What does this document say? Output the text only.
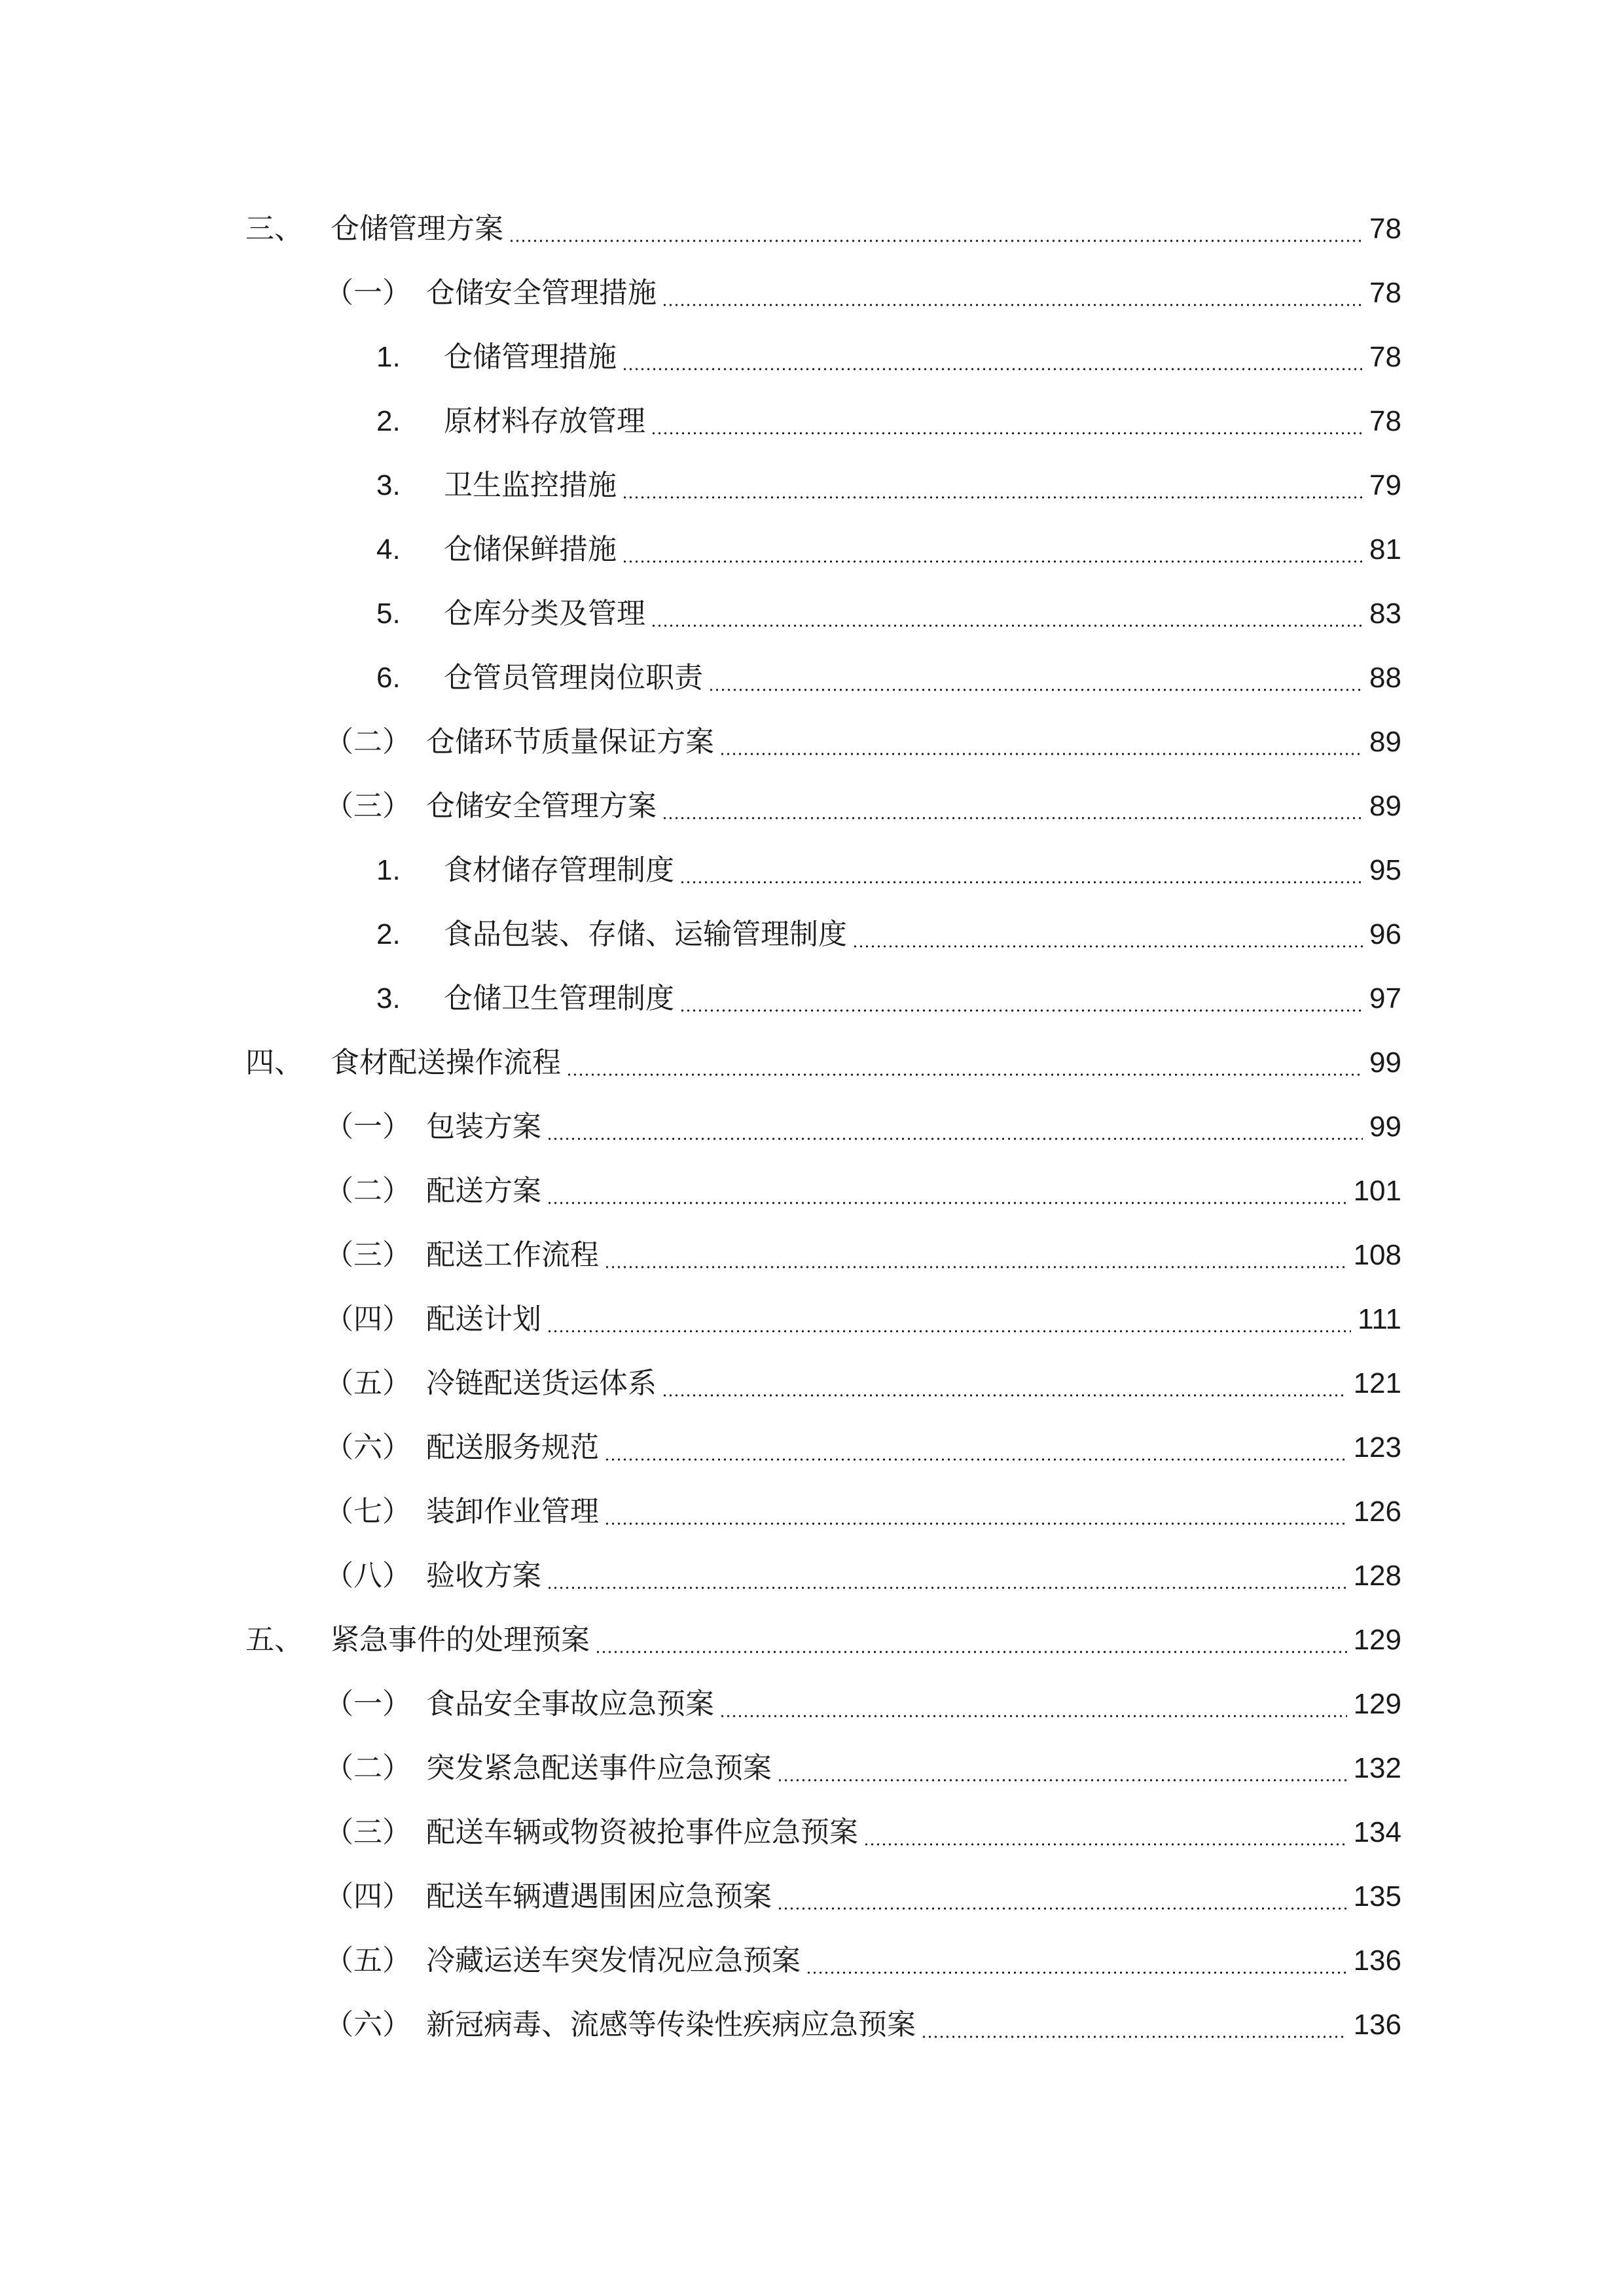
三、 仓储管理方案	78
（一） 仓储安全管理措施	78
1. 仓储管理措施	78
2. 原材料存放管理	78
3. 卫生监控措施	79
4. 仓储保鲜措施	81
5. 仓库分类及管理	83
6. 仓管员管理岗位职责	88
（二） 仓储环节质量保证方案	89
（三） 仓储安全管理方案	89
1. 食材储存管理制度	95
2. 食品包装、存储、运输管理制度	96
3. 仓储卫生管理制度	97
四、 食材配送操作流程	99
（一） 包装方案	99
（二） 配送方案	101
（三） 配送工作流程	108
（四） 配送计划	111
（五） 冷链配送货运体系	121
（六） 配送服务规范	123
（七） 装卸作业管理	126
（八） 验收方案	128
五、 紧急事件的处理预案	129
（一） 食品安全事故应急预案	129
（二） 突发紧急配送事件应急预案	132
（三） 配送车辆或物资被抢事件应急预案	134
（四） 配送车辆遭遇围困应急预案	135
（五） 冷藏运送车突发情况应急预案	136
（六） 新冠病毒、流感等传染性疾病应急预案	136
